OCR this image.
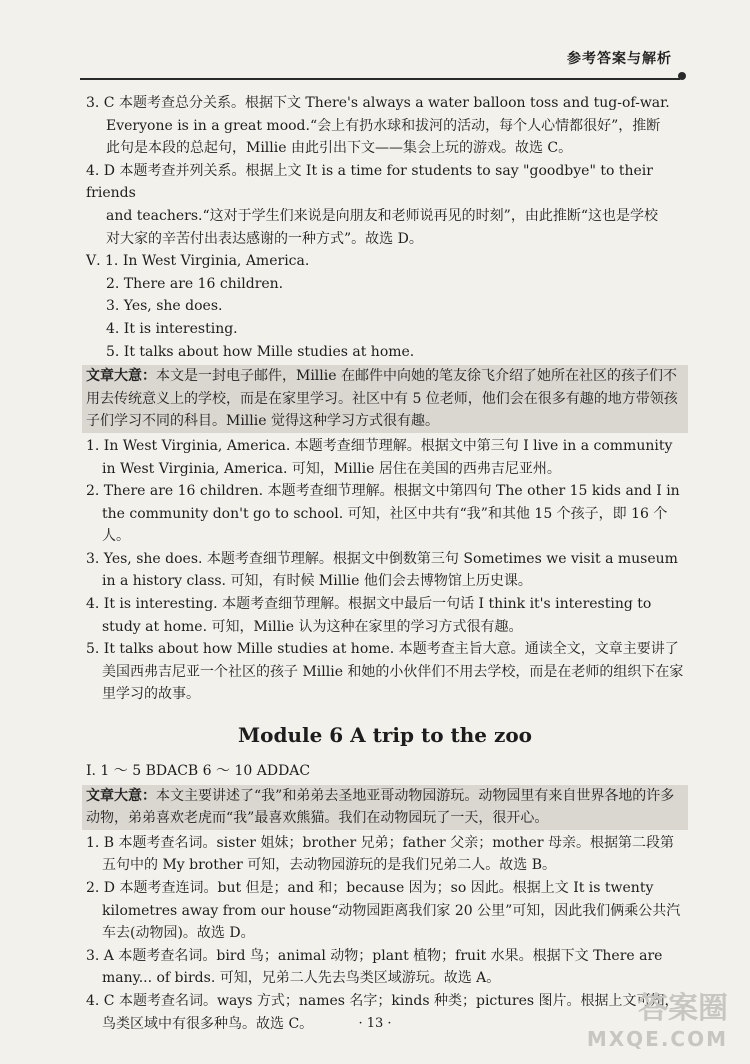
参考答案与解析
3. C 本题考查总分关系。根据下文 There's always a water balloon toss and tug-of-war.
Everyone is in a great mood.“会上有扔水球和拔河的活动，每个人心情都很好”，推断
此句是本段的总起句，Millie 由此引出下文——集会上玩的游戏。故选 C。
4. D 本题考查并列关系。根据上文 It is a time for students to say "goodbye" to their friends
and teachers.“这对于学生们来说是向朋友和老师说再见的时刻”，由此推断“这也是学校
对大家的辛苦付出表达感谢的一种方式”。故选 D。
Ⅴ. 1. In West Virginia, America.
2. There are 16 children.
3. Yes, she does.
4. It is interesting.
5. It talks about how Mille studies at home.
文章大意：本文是一封电子邮件，Millie 在邮件中向她的笔友徐飞介绍了她所在社区的孩子们不用去传统意义上的学校，而是在家里学习。社区中有 5 位老师，他们会在很多有趣的地方带领孩子们学习不同的科目。Millie 觉得这种学习方式很有趣。
1. In West Virginia, America. 本题考查细节理解。根据文中第三句 I live in a community in West Virginia, America. 可知，Millie 居住在美国的西弗吉尼亚州。
2. There are 16 children. 本题考查细节理解。根据文中第四句 The other 15 kids and I in the community don't go to school. 可知，社区中共有“我”和其他 15 个孩子，即 16 个人。
3. Yes, she does. 本题考查细节理解。根据文中倒数第三句 Sometimes we visit a museum in a history class. 可知，有时候 Millie 他们会去博物馆上历史课。
4. It is interesting. 本题考查细节理解。根据文中最后一句话 I think it's interesting to study at home. 可知，Millie 认为这种在家里的学习方式很有趣。
5. It talks about how Mille studies at home. 本题考查主旨大意。通读全文，文章主要讲了美国西弗吉尼亚一个社区的孩子 Millie 和她的小伙伴们不用去学校，而是在老师的组织下在家里学习的故事。
Module 6 A trip to the zoo
Ⅰ. 1 ～ 5 BDACB 6 ～ 10 ADDAC
文章大意：本文主要讲述了“我”和弟弟去圣地亚哥动物园游玩。动物园里有来自世界各地的许多动物，弟弟喜欢老虎而“我”最喜欢熊猫。我们在动物园玩了一天，很开心。
1. B 本题考查名词。sister 姐妹；brother 兄弟；father 父亲；mother 母亲。根据第二段第五句中的 My brother 可知，去动物园游玩的是我们兄弟二人。故选 B。
2. D 本题考查连词。but 但是；and 和；because 因为；so 因此。根据上文 It is twenty kilometres away from our house“动物园距离我们家 20 公里”可知，因此我们俩乘公共汽车去(动物园)。故选 D。
3. A 本题考查名词。bird 鸟；animal 动物；plant 植物；fruit 水果。根据下文 There are many... of birds. 可知，兄弟二人先去鸟类区域游玩。故选 A。
4. C 本题考查名词。ways 方式；names 名字；kinds 种类；pictures 图片。根据上文可知，鸟类区域中有很多种鸟。故选 C。	· 13 ·	答案圈
MXQE.COM
